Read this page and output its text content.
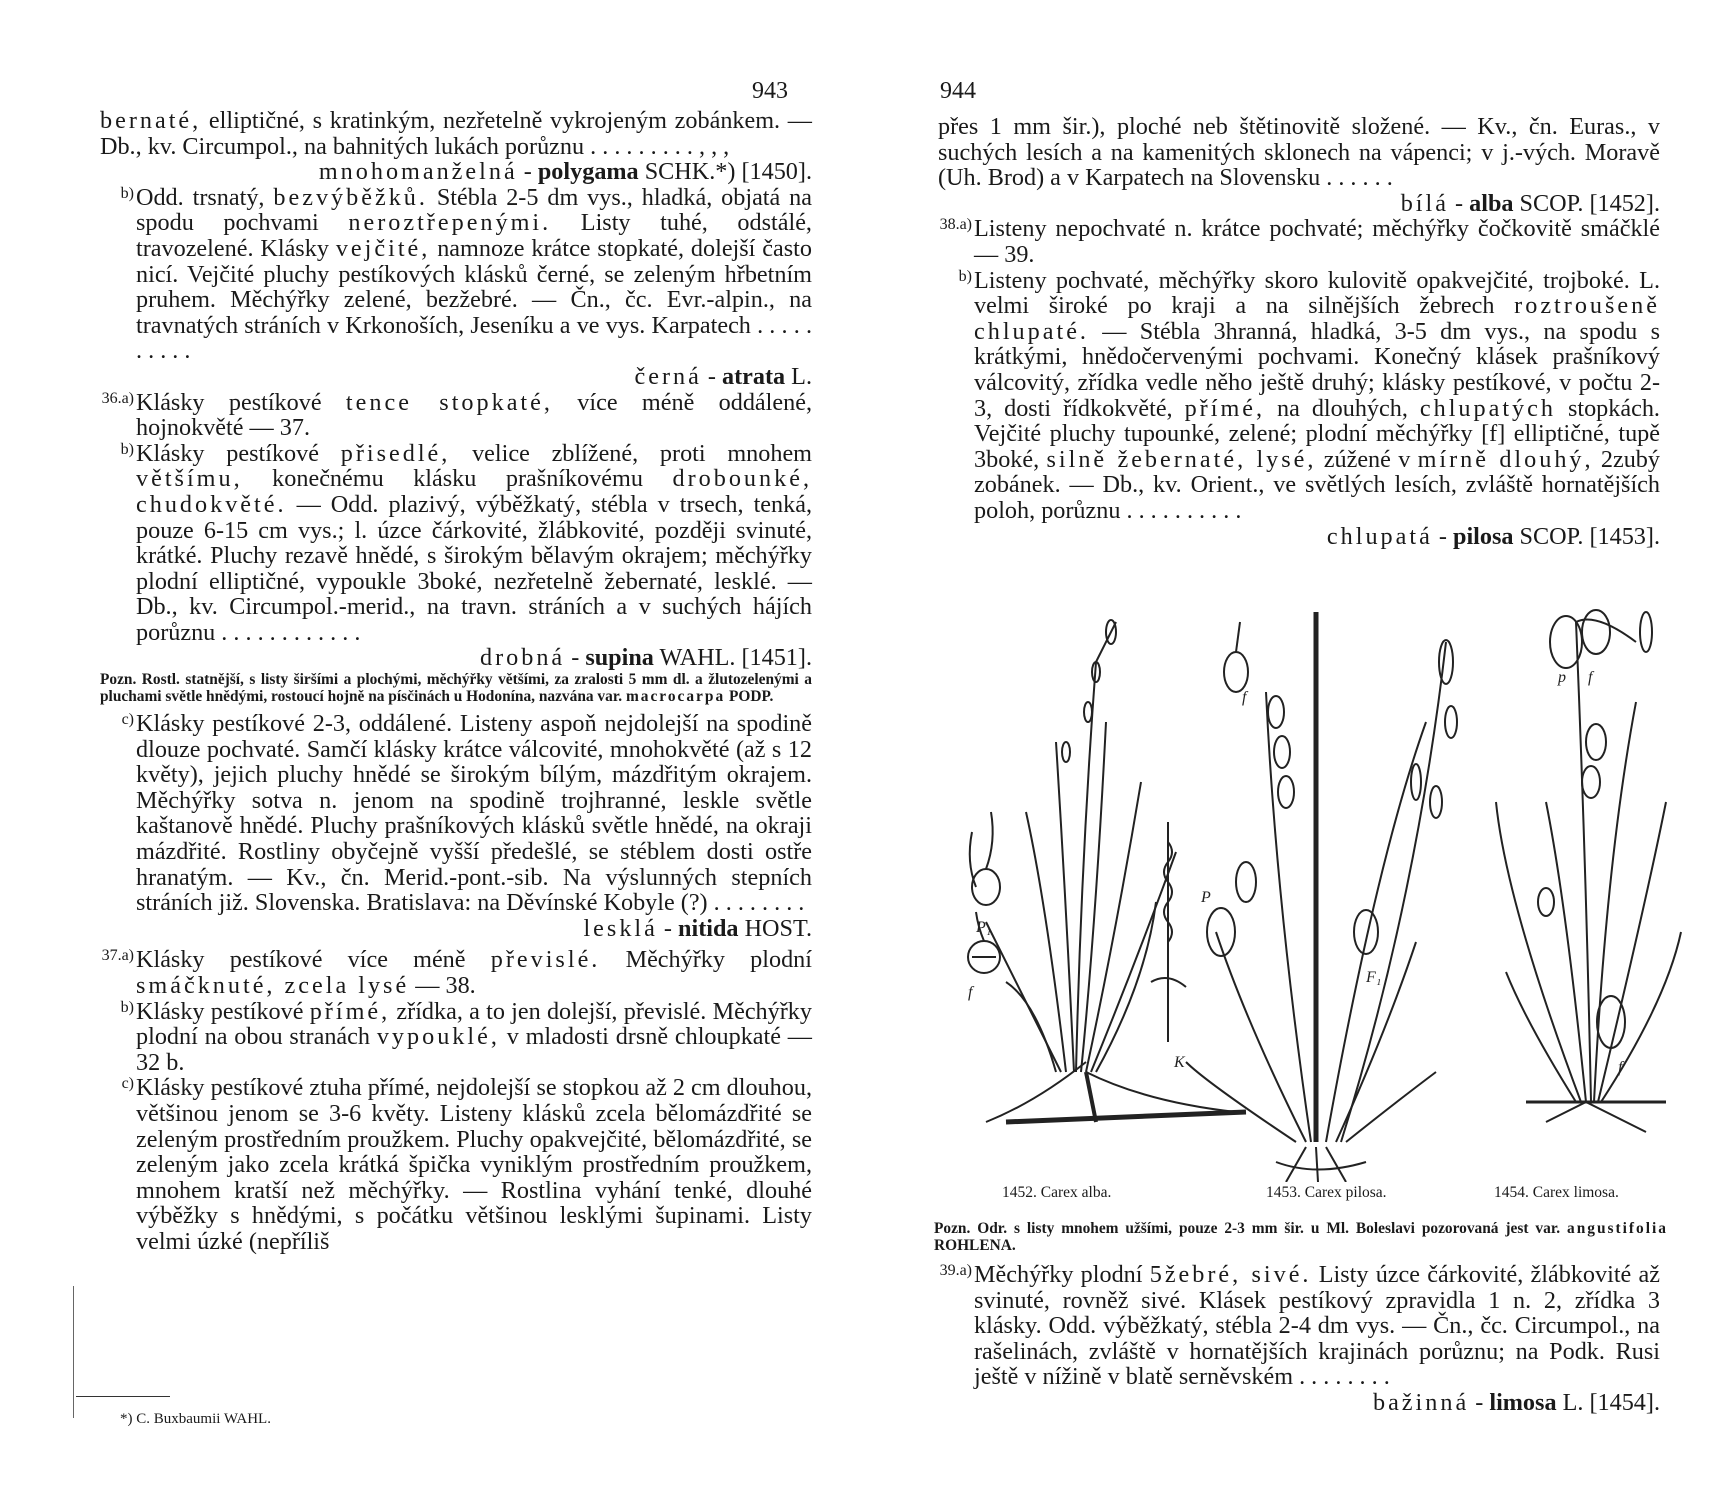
943

bernaté, elliptičné, s kratinkým, nezřetelně vykrojeným zobánkem. — Db., kv. Circumpol., na bahnitých lukách porůznu . . . . . . . . . , , ,

mnohomanželná - polygama SCHK.*) [1450].

b) Odd. trsnatý, bezvýběžků. Stébla 2-5 dm vys., hladká, objatá na spodu pochvami neroztřepenými. Listy tuhé, odstálé, travozelené. Klásky vejčité, namnoze krátce stopkaté, dolejší často nicí. Vejčité pluchy pestíkových klásků černé, se zeleným hřbetním pruhem. Měchýřky zelené, bezžebré. — Čn., čc. Evr.-alpin., na travnatých stráních v Krkonoších, Jeseníku a ve vys. Karpatech . . . . . . . . . .

černá - atrata L.

36.a) Klásky pestíkové tence stopkaté, více méně oddálené, hojnokvěté — 37.

b) Klásky pestíkové přisedlé, velice zblížené, proti mnohem většímu, konečnému klásku prašníkovému drobounké, chudokvěté. — Odd. plazivý, výběžkatý, stébla v trsech, tenká, pouze 6-15 cm vys.; l. úzce čárkovité, žlábkovité, později svinuté, krátké. Pluchy rezavě hnědé, s širokým bělavým okrajem; měchýřky plodní elliptičné, vypoukle 3boké, nezřetelně žebernaté, lesklé. — Db., kv. Circumpol.-merid., na travn. stráních a v suchých hájích porůznu . . . . . . . . . . . .

drobná - supina WAHL. [1451].

Pozn. Rostl. statnější, s listy širšími a plochými, měchýřky většími, za zralosti 5 mm dl. a žlutozelenými a pluchami světle hnědými, rostoucí hojně na písčinách u Hodonína, nazvána var. macrocarpa PODP.

c) Klásky pestíkové 2-3, oddálené. Listeny aspoň nejdolejší na spodině dlouze pochvaté. Samčí klásky krátce válcovité, mnohokvěté (až s 12 květy), jejich pluchy hnědé se širokým bílým, mázdřitým okrajem. Měchýřky sotva n. jenom na spodině trojhranné, leskle světle kaštanově hnědé. Pluchy prašníkových klásků světle hnědé, na okraji mázdřité. Rostliny obyčejně vyšší předešlé, se stéblem dosti ostře hranatým. — Kv., čn. Merid.-pont.-sib. Na výslunných stepních stráních již. Slovenska. Bratislava: na Děvínské Kobyle (?) . . . . . . . .

lesklá - nitida HOST.

37.a) Klásky pestíkové více méně převislé. Měchýřky plodní smáčknuté, zcela lysé — 38.

b) Klásky pestíkové přímé, zřídka, a to jen dolejší, převislé. Měchýřky plodní na obou stranách vypouklé, v mladosti drsně chloupkaté — 32 b.

c) Klásky pestíkové ztuha přímé, nejdolejší se stopkou až 2 cm dlouhou, většinou jenom se 3-6 květy. Listeny klásků zcela bělomázdřité se zeleným prostředním proužkem. Pluchy opakvejčité, bělomázdřité, se zeleným jako zcela krátká špička vyniklým prostředním proužkem, mnohem kratší než měchýřky. — Rostlina vyhání tenké, dlouhé výběžky s hnědými, s počátku většinou lesklými šupinami. Listy velmi úzké (nepříliš

*) C. Buxbaumii WAHL.
944

přes 1 mm šir.), ploché neb štětinovitě složené. — Kv., čn. Euras., v suchých lesích a na kamenitých sklonech na vápenci; v j.-vých. Moravě (Uh. Brod) a v Karpatech na Slovensku . . . . . .

bílá - alba SCOP. [1452].

38.a) Listeny nepochvaté n. krátce pochvaté; měchýřky čočkovitě smáčklé — 39.

b) Listeny pochvaté, měchýřky skoro kulovitě opakvejčité, trojboké. L. velmi široké po kraji a na silnějších žebrech roztroušeně chlupaté. — Stébla 3hranná, hladká, 3-5 dm vys., na spodu s krátkými, hnědočervenými pochvami. Konečný klásek prašníkový válcovitý, zřídka vedle něho ještě druhý; klásky pestíkové, v počtu 2-3, dosti řídkokvěté, přímé, na dlouhých, chlupatých stopkách. Vejčité pluchy tupounké, zelené; plodní měchýřky [f] elliptičné, tupě 3boké, silně žebernaté, lysé, zúžené v mírně dlouhý, 2zubý zobánek. — Db., kv. Orient., ve světlých lesích, zvláště hornatějších poloh, porůznu . . . . . . . . . .

chlupatá - pilosa SCOP. [1453].

P₁
f
K
P
F₁
f
p f
f
1452. Carex alba.	1453. Carex pilosa.	1454. Carex limosa.

Pozn. Odr. s listy mnohem užšími, pouze 2-3 mm šir. u Ml. Boleslavi pozorovaná jest var. angustifolia ROHLENA.

39.a) Měchýřky plodní 5žebré, sivé. Listy úzce čárkovité, žlábkovité až svinuté, rovněž sivé. Klásek pestíkový zpravidla 1 n. 2, zřídka 3 klásky. Odd. výběžkatý, stébla 2-4 dm vys. — Čn., čc. Circumpol., na rašelinách, zvláště v hornatějších krajinách porůznu; na Podk. Rusi ještě v nížině v blatě serněvském . . . . . . . .

bažinná - limosa L. [1454].
